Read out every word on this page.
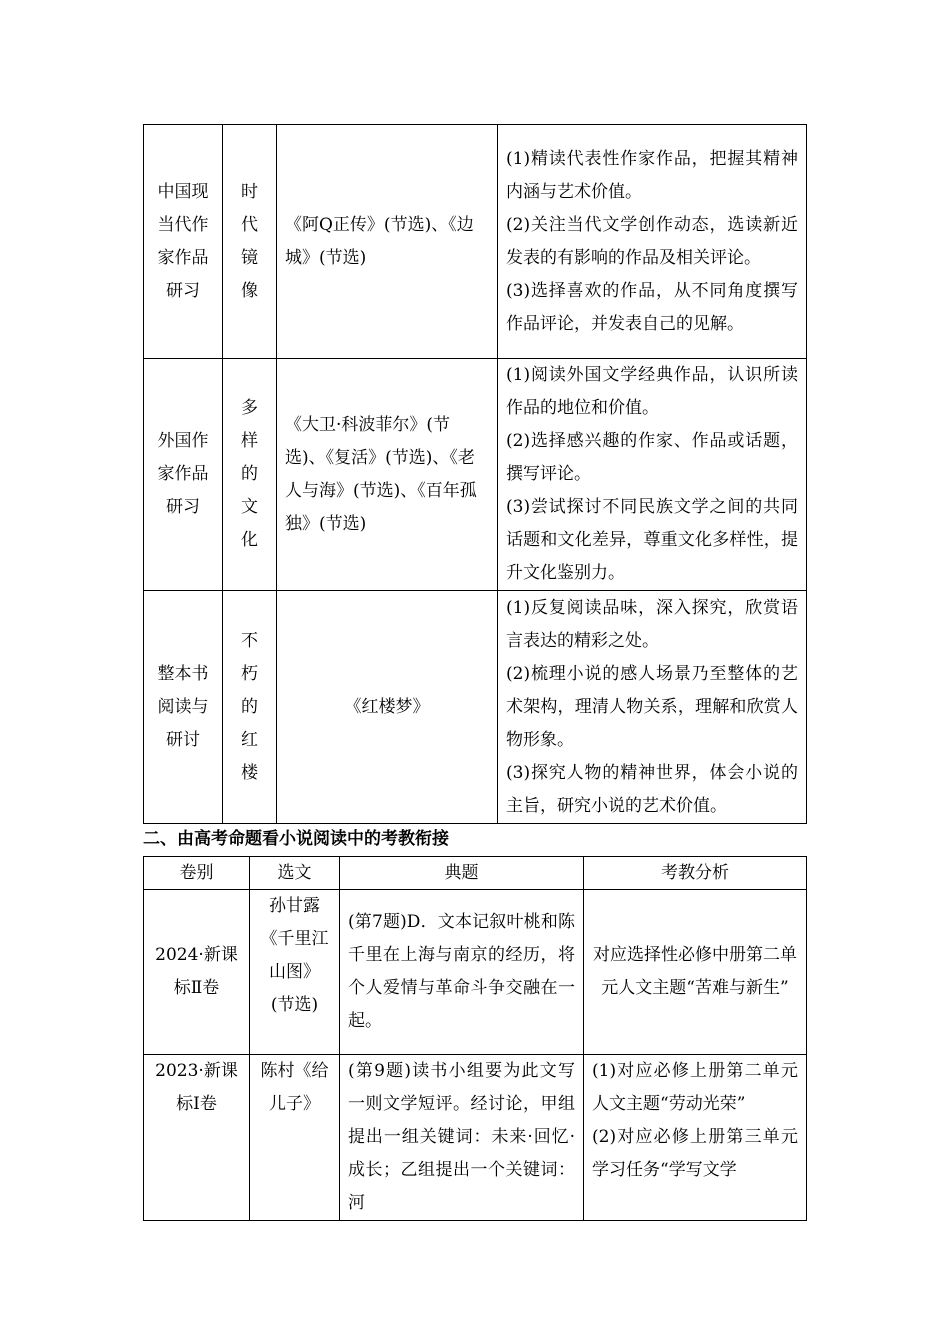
中国现当代作家作品研习	时代镜像	《阿Q正传》(节选)、《边城》(节选)	(1)精读代表性作家作品，把握其精神内涵与艺术价值。
(2)关注当代文学创作动态，选读新近发表的有影响的作品及相关评论。
(3)选择喜欢的作品，从不同角度撰写作品评论，并发表自己的见解。

外国作家作品研习	多样的文化	《大卫·科波菲尔》(节选)、《复活》(节选)、《老人与海》(节选)、《百年孤独》(节选)	(1)阅读外国文学经典作品，认识所读作品的地位和价值。
(2)选择感兴趣的作家、作品或话题，撰写评论。
(3)尝试探讨不同民族文学之间的共同话题和文化差异，尊重文化多样性，提升文化鉴别力。

整本书阅读与研讨	不朽的红楼	《红楼梦》	(1)反复阅读品味，深入探究，欣赏语言表达的精彩之处。
(2)梳理小说的感人场景乃至整体的艺术架构，理清人物关系，理解和欣赏人物形象。
(3)探究人物的精神世界，体会小说的主旨，研究小说的艺术价值。
二、由高考命题看小说阅读中的考教衔接
卷别	选文	典题	考教分析
2024·新课标Ⅱ卷	孙甘露《千里江山图》(节选)	(第7题)D．文本记叙叶桃和陈千里在上海与南京的经历，将个人爱情与革命斗争交融在一起。	对应选择性必修中册第二单元人文主题“苦难与新生”

2023·新课标Ⅰ卷	陈村《给儿子》	(第9题)读书小组要为此文写一则文学短评。经讨论，甲组提出一组关键词：未来·回忆·成长；乙组提出一个关键词：河	(1)对应必修上册第二单元人文主题“劳动光荣”
(2)对应必修上册第三单元学习任务“学写文学
